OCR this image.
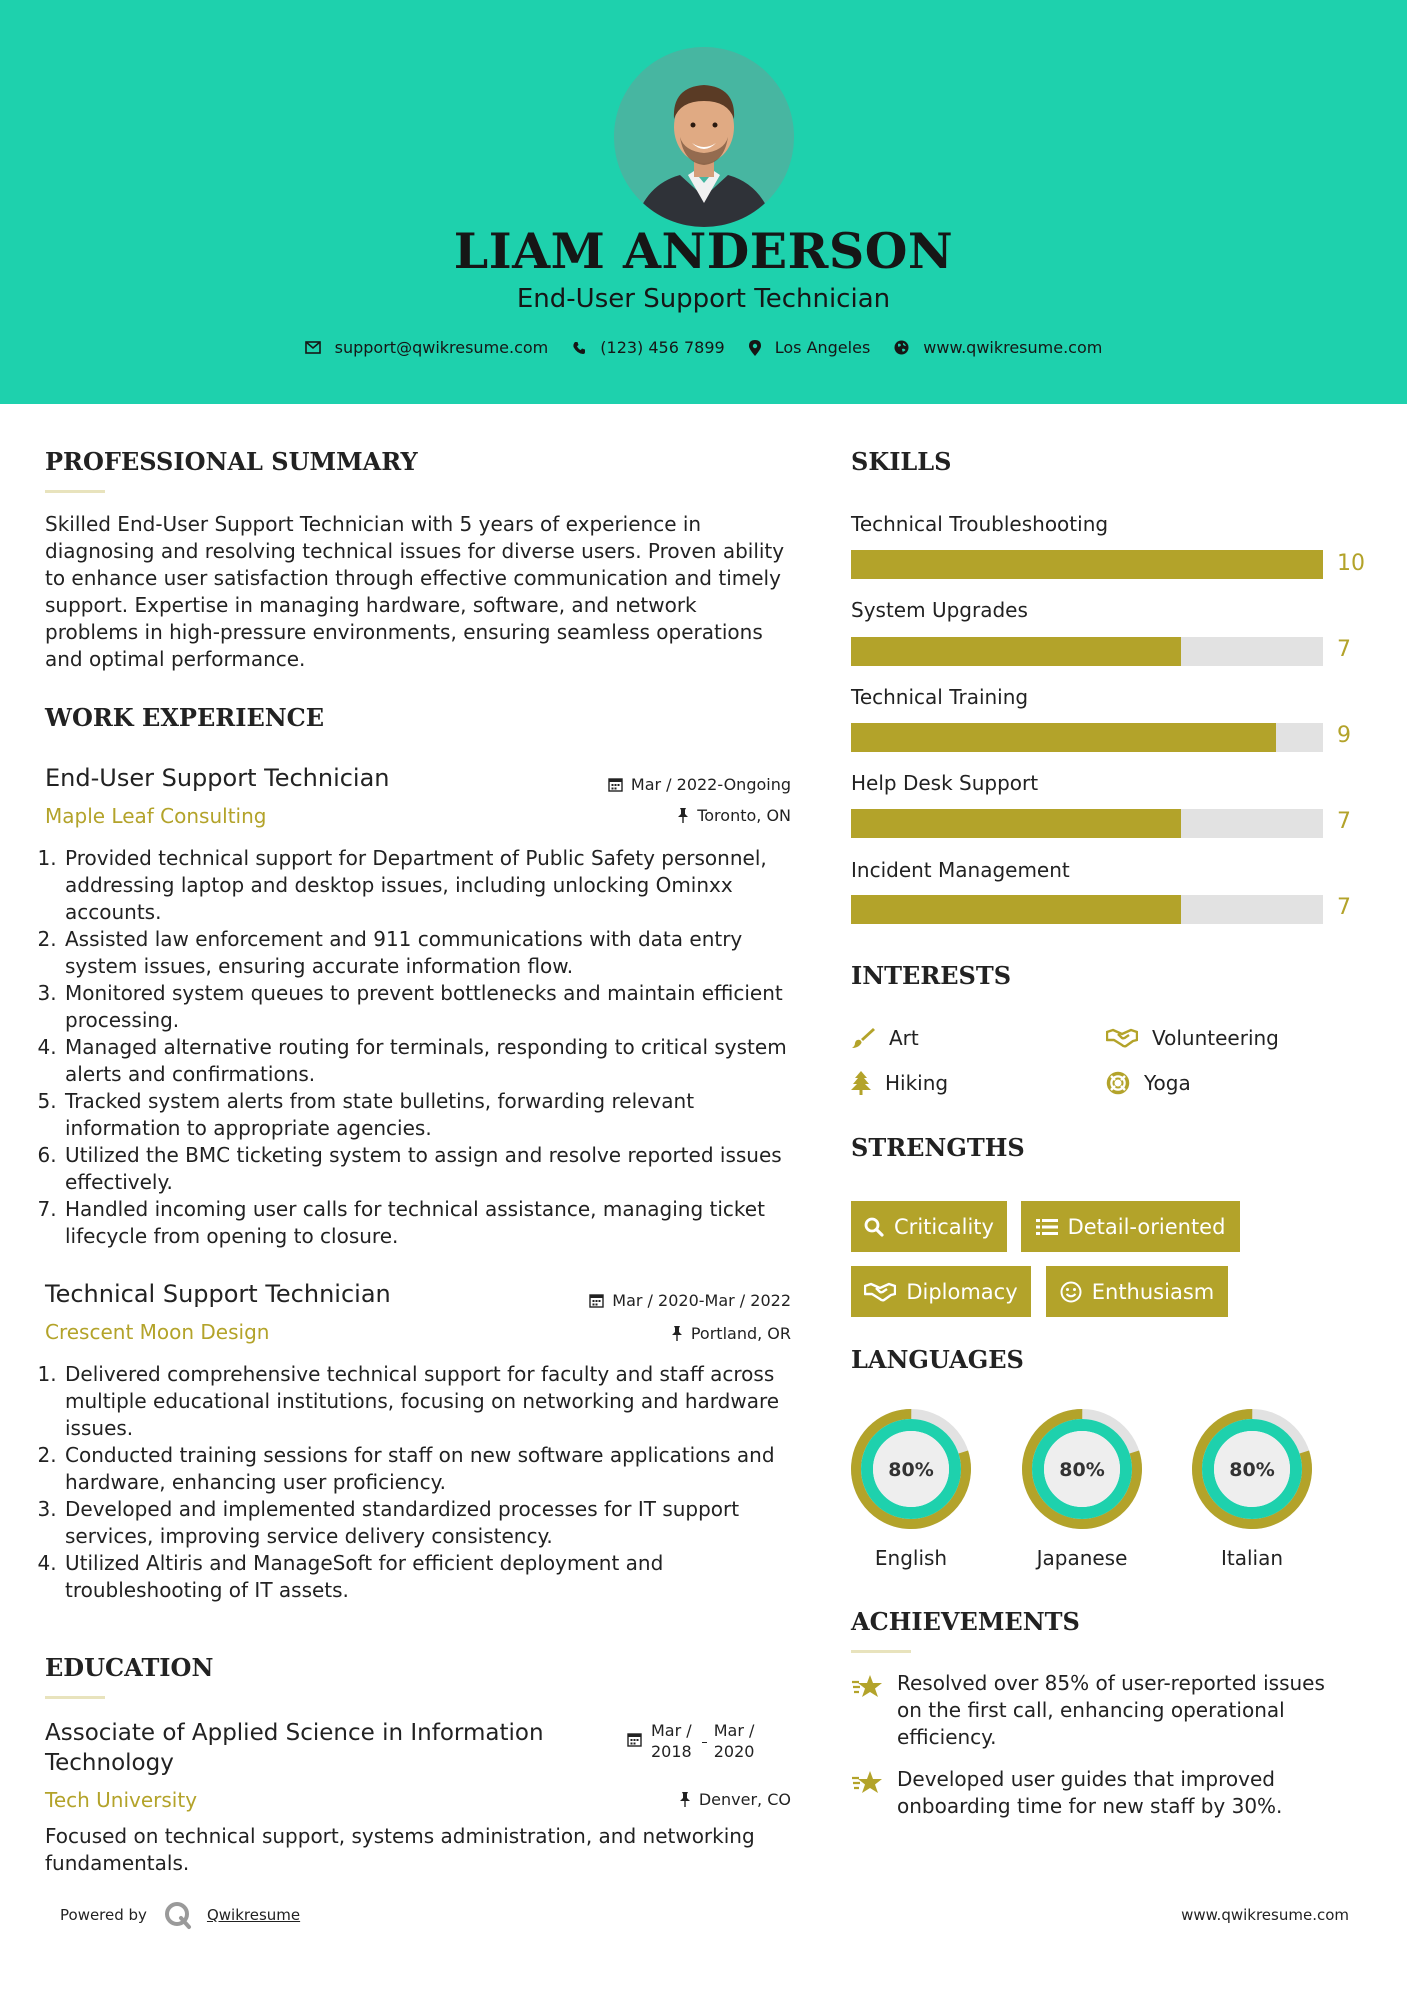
LIAM ANDERSON
End-User Support Technician
support@qwikresume.com	(123) 456 7899	Los Angeles	www.qwikresume.com
PROFESSIONAL SUMMARY
Skilled End-User Support Technician with 5 years of experience in diagnosing and resolving technical issues for diverse users. Proven ability to enhance user satisfaction through effective communication and timely support. Expertise in managing hardware, software, and network problems in high-pressure environments, ensuring seamless operations and optimal performance.
WORK EXPERIENCE
End-User Support Technician	Mar / 2022-Ongoing
Maple Leaf Consulting	Toronto, ON
1. Provided technical support for Department of Public Safety personnel, addressing laptop and desktop issues, including unlocking Ominxx accounts.
2. Assisted law enforcement and 911 communications with data entry system issues, ensuring accurate information flow.
3. Monitored system queues to prevent bottlenecks and maintain efficient processing.
4. Managed alternative routing for terminals, responding to critical system alerts and confirmations.
5. Tracked system alerts from state bulletins, forwarding relevant information to appropriate agencies.
6. Utilized the BMC ticketing system to assign and resolve reported issues effectively.
7. Handled incoming user calls for technical assistance, managing ticket lifecycle from opening to closure.
Technical Support Technician	Mar / 2020-Mar / 2022
Crescent Moon Design	Portland, OR
1. Delivered comprehensive technical support for faculty and staff across multiple educational institutions, focusing on networking and hardware issues.
2. Conducted training sessions for staff on new software applications and hardware, enhancing user proficiency.
3. Developed and implemented standardized processes for IT support services, improving service delivery consistency.
4. Utilized Altiris and ManageSoft for efficient deployment and troubleshooting of IT assets.
EDUCATION
Associate of Applied Science in Information
Technology
Mar /
2018
Mar /
2020
Tech University	Denver, CO
Focused on technical support, systems administration, and networking fundamentals.
SKILLS
Technical Troubleshooting
10
System Upgrades
7
Technical Training
9
Help Desk Support
7
Incident Management
7
INTERESTS
Art	Volunteering
Hiking	Yoga
STRENGTHS
Criticality	Detail-oriented
Diplomacy	Enthusiasm
LANGUAGES
80%
English
80%
Japanese
80%
Italian
ACHIEVEMENTS
Resolved over 85% of user-reported issues on the first call, enhancing operational efficiency.
Developed user guides that improved onboarding time for new staff by 30%.
Powered by	Qwikresume	www.qwikresume.com
